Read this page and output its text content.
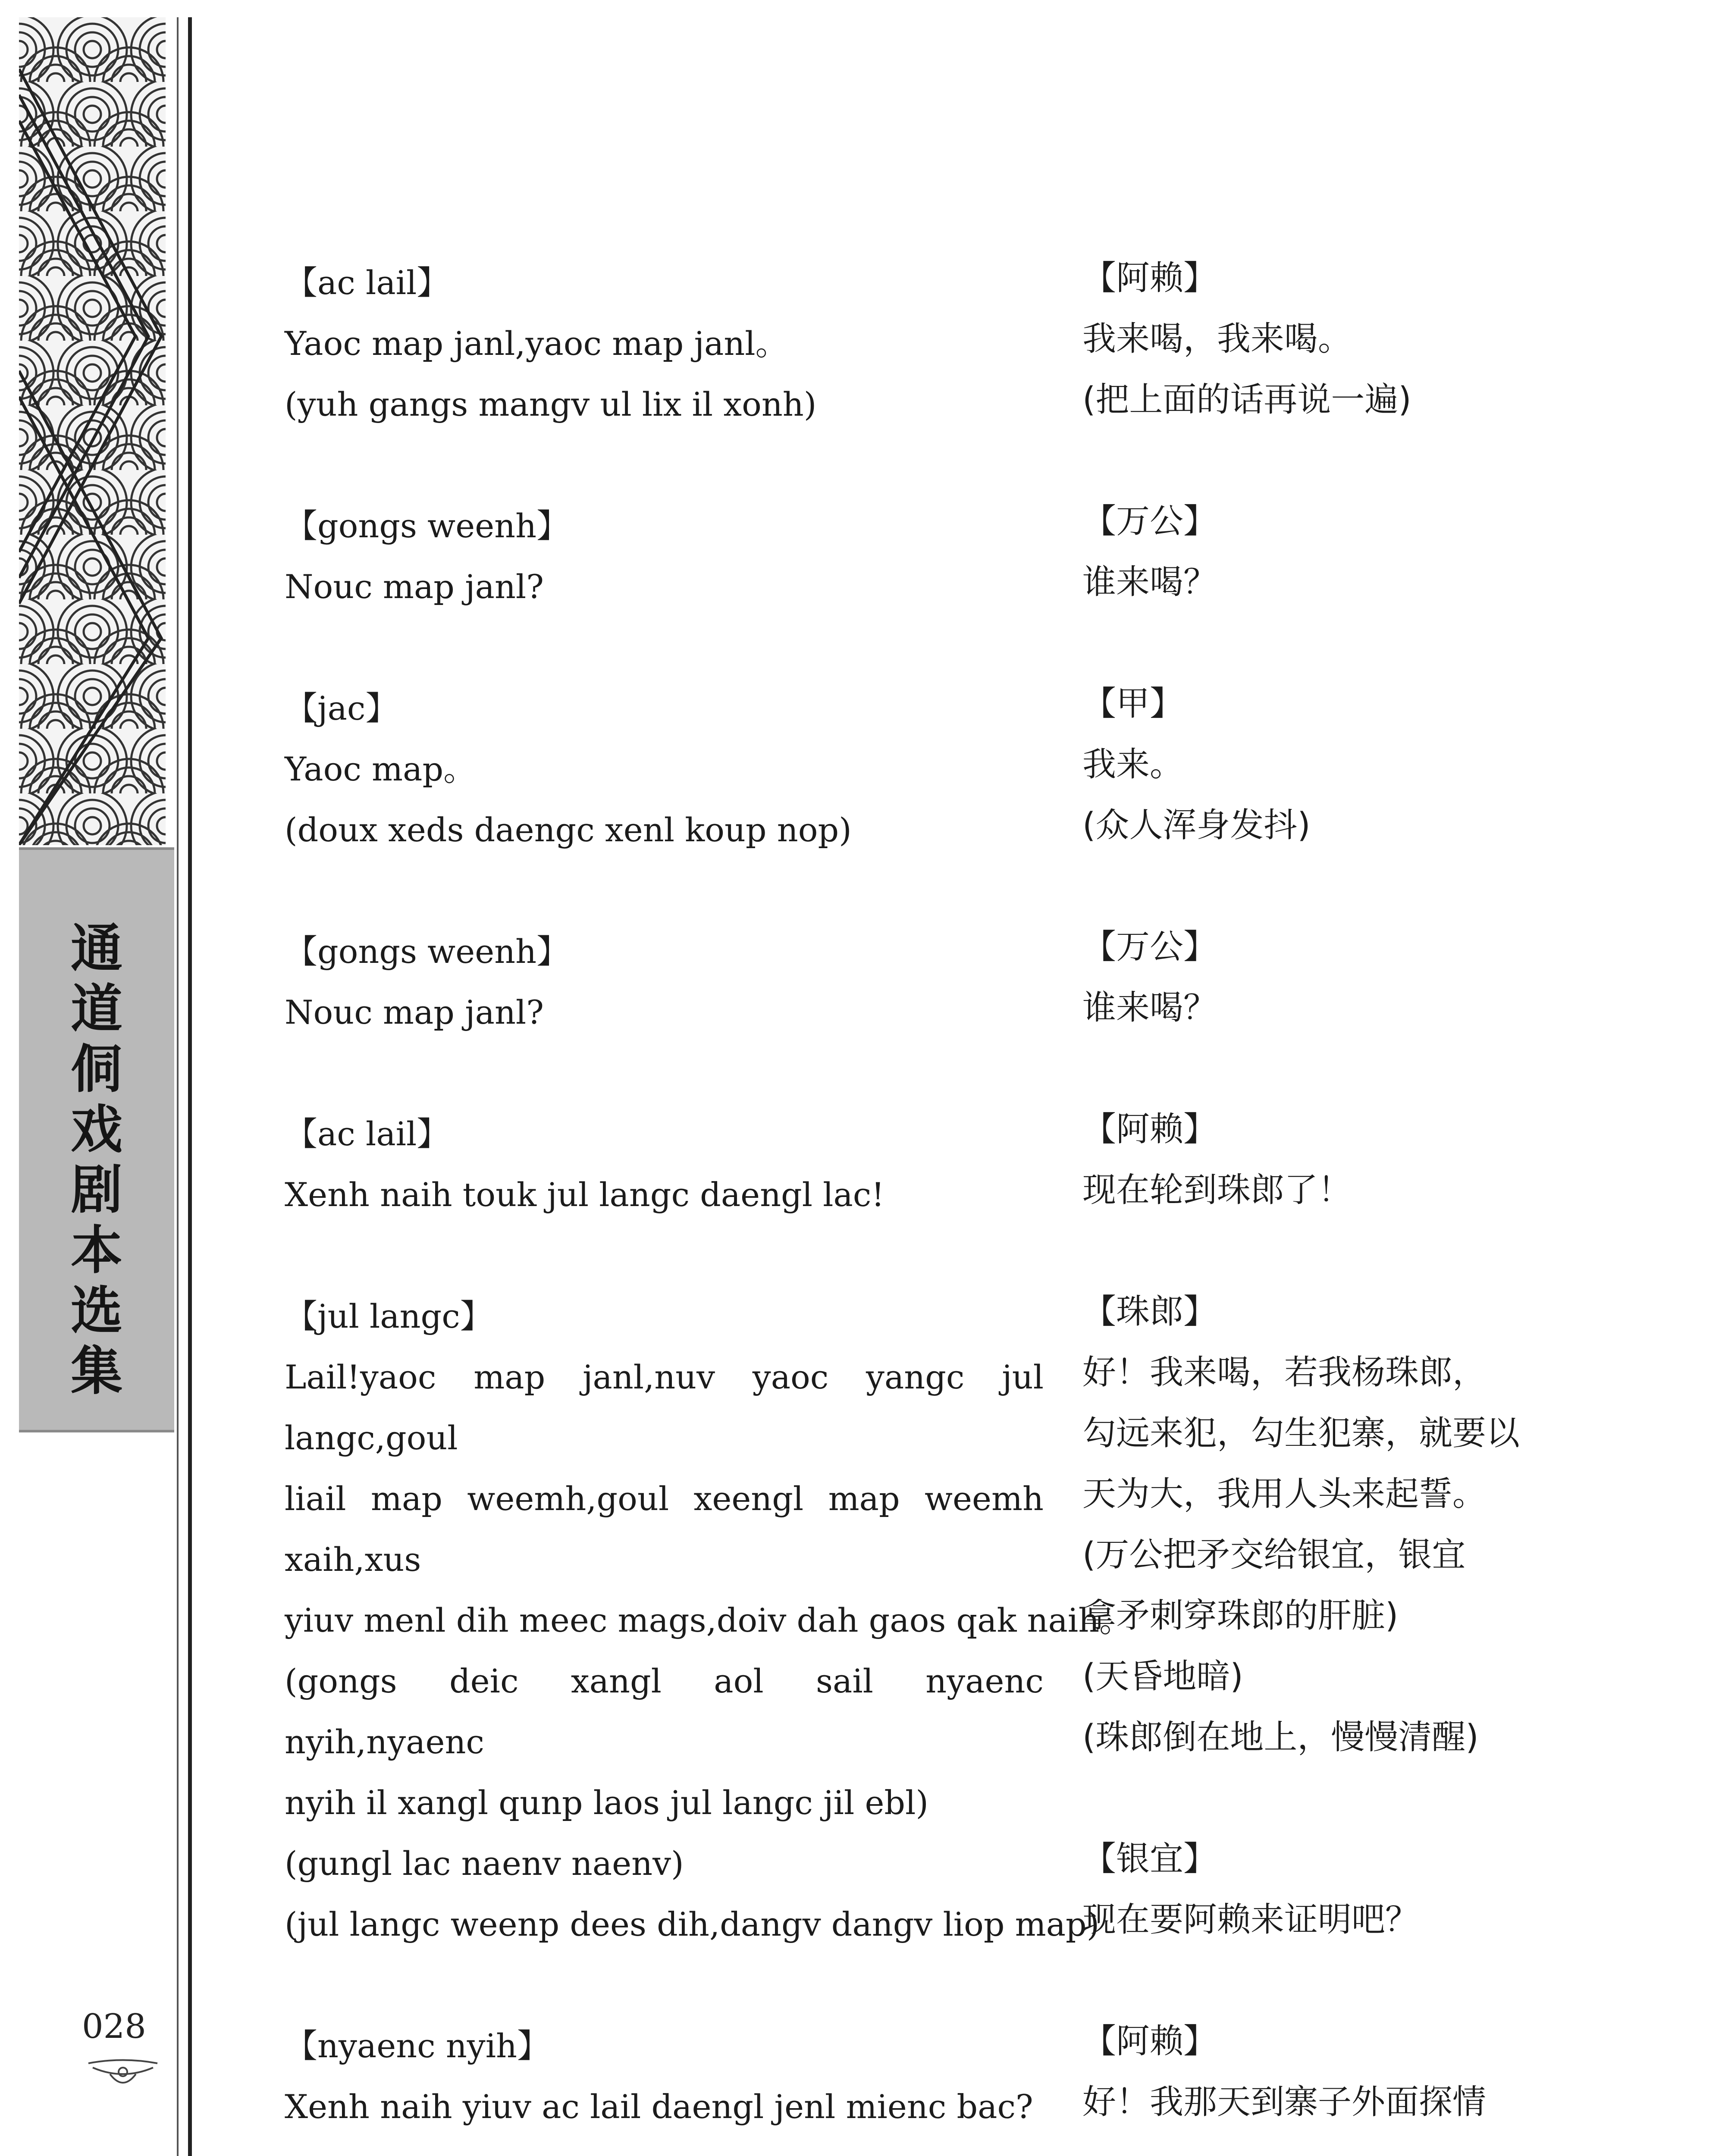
通
道
侗
戏
剧
本
选
集
028
【ac lail】
Yaoc map janl,yaoc map janl。
(yuh gangs mangv ul lix il xonh)
【gongs weenh】
Nouc map janl?
【jac】
Yaoc map。
(doux xeds daengc xenl koup nop)
【gongs weenh】
Nouc map janl?
【ac lail】
Xenh naih touk jul langc daengl lac!
【jul langc】
Lail!yaoc map janl,nuv yaoc yangc jul langc,goul
liail map weemh,goul xeengl map weemh xaih,xus
yiuv menl dih meec mags,doiv dah gaos qak naih。
(gongs deic xangl aol sail nyaenc nyih,nyaenc
nyih il xangl qunp laos jul langc jil ebl)
(gungl lac naenv naenv)
(jul langc weenp dees dih,dangv dangv liop map)
【nyaenc nyih】
Xenh naih yiuv ac lail daengl jenl mienc bac?
【阿赖】
我来喝，我来喝。
(把上面的话再说一遍)
【万公】
谁来喝？
【甲】
我来。
(众人浑身发抖)
【万公】
谁来喝？
【阿赖】
现在轮到珠郎了！
【珠郎】
好！我来喝，若我杨珠郎，
勾远来犯，勾生犯寨，就要以
天为大，我用人头来起誓。
(万公把矛交给银宜，银宜
拿矛刺穿珠郎的肝脏)
(天昏地暗)
(珠郎倒在地上，慢慢清醒)
【银宜】
现在要阿赖来证明吧？
【阿赖】
好！我那天到寨子外面探情
